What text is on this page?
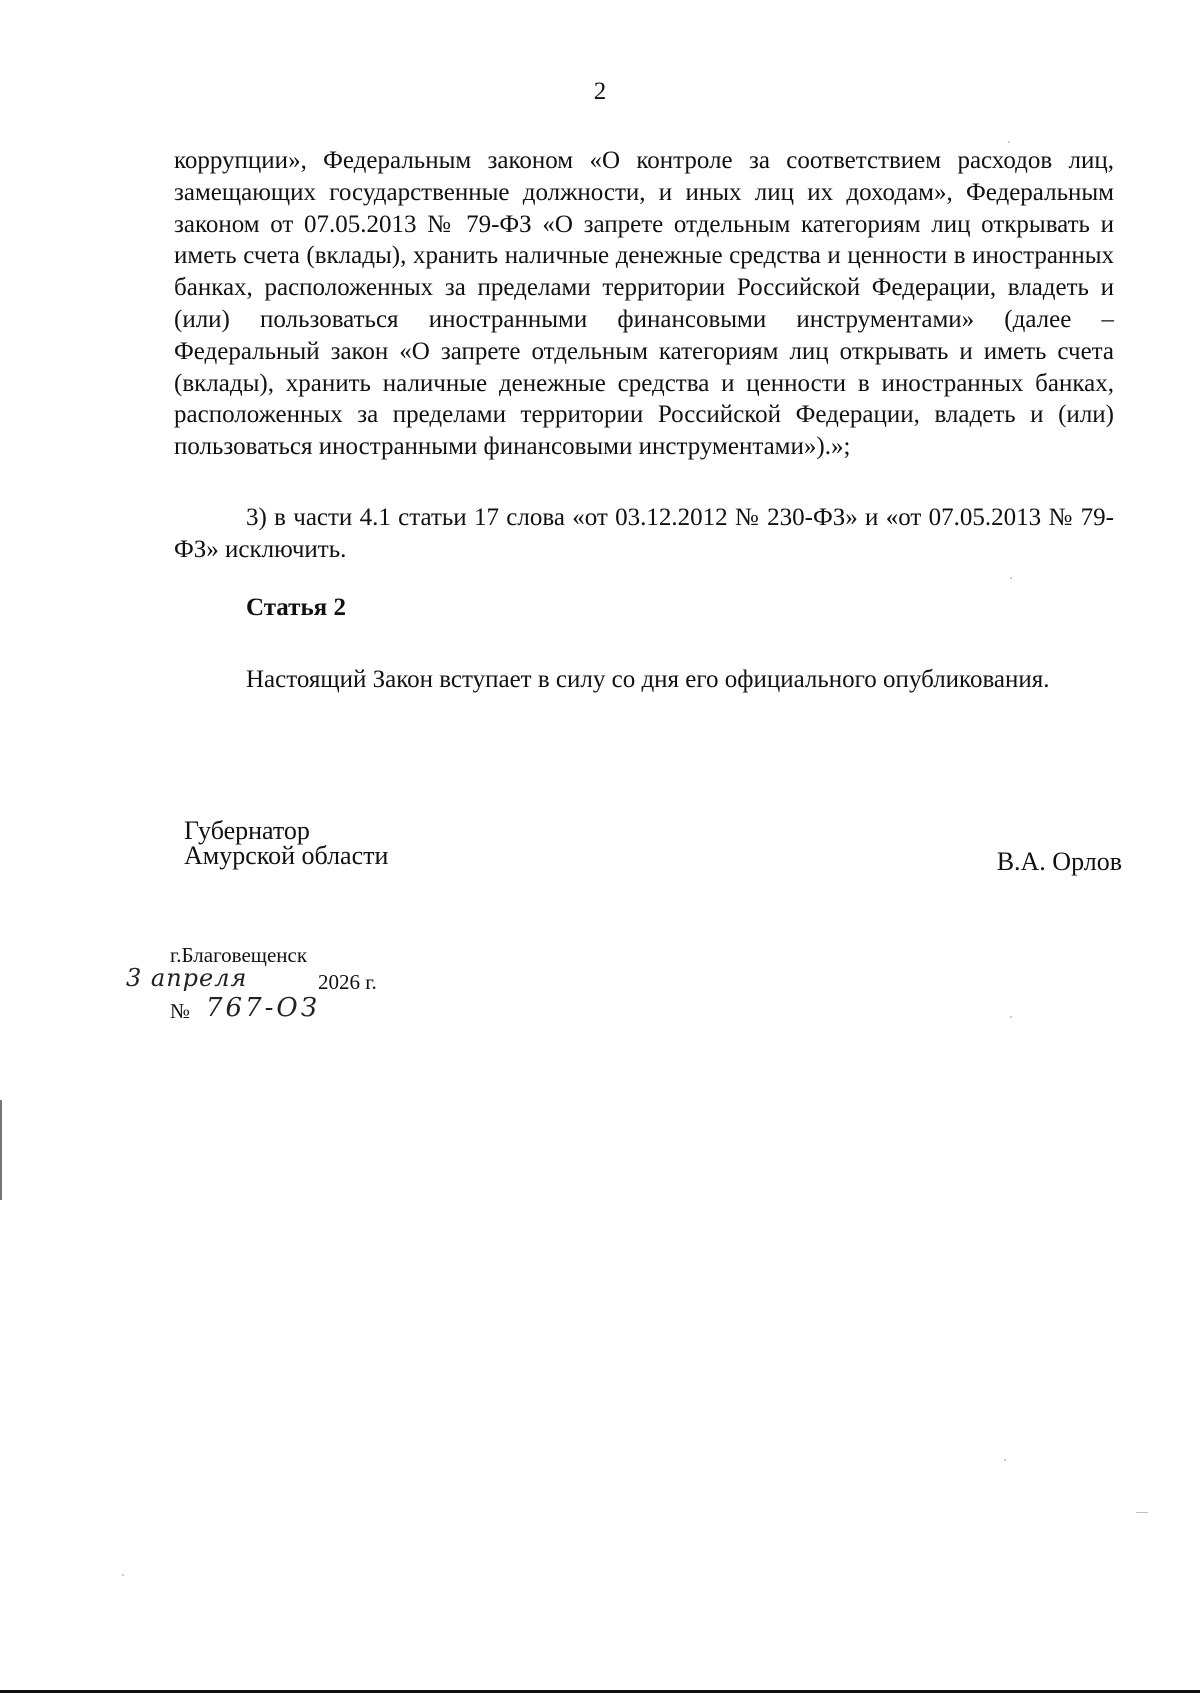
2

коррупции», Федеральным законом «О контроле за соответствием расходов лиц, замещающих государственные должности, и иных лиц их доходам», Федеральным законом от 07.05.2013 № 79-ФЗ «О запрете отдельным категориям лиц открывать и иметь счета (вклады), хранить наличные денежные средства и ценности в иностранных банках, расположенных за пределами территории Российской Федерации, владеть и (или) пользоваться иностранными финансовыми инструментами» (далее – Федеральный закон «О запрете отдельным категориям лиц открывать и иметь счета (вклады), хранить наличные денежные средства и ценности в иностранных банках, расположенных за пределами территории Российской Федерации, владеть и (или) пользоваться иностранными финансовыми инструментами»).»;

3) в части 4.1 статьи 17 слова «от 03.12.2012 № 230-ФЗ» и «от 07.05.2013 № 79-ФЗ» исключить.

Статья 2

Настоящий Закон вступает в силу со дня его официального опубликования.

Губернатор
Амурской области	В.А. Орлов
г.Благовещенск
3 апреля	2026 г.
№ 767-ОЗ
